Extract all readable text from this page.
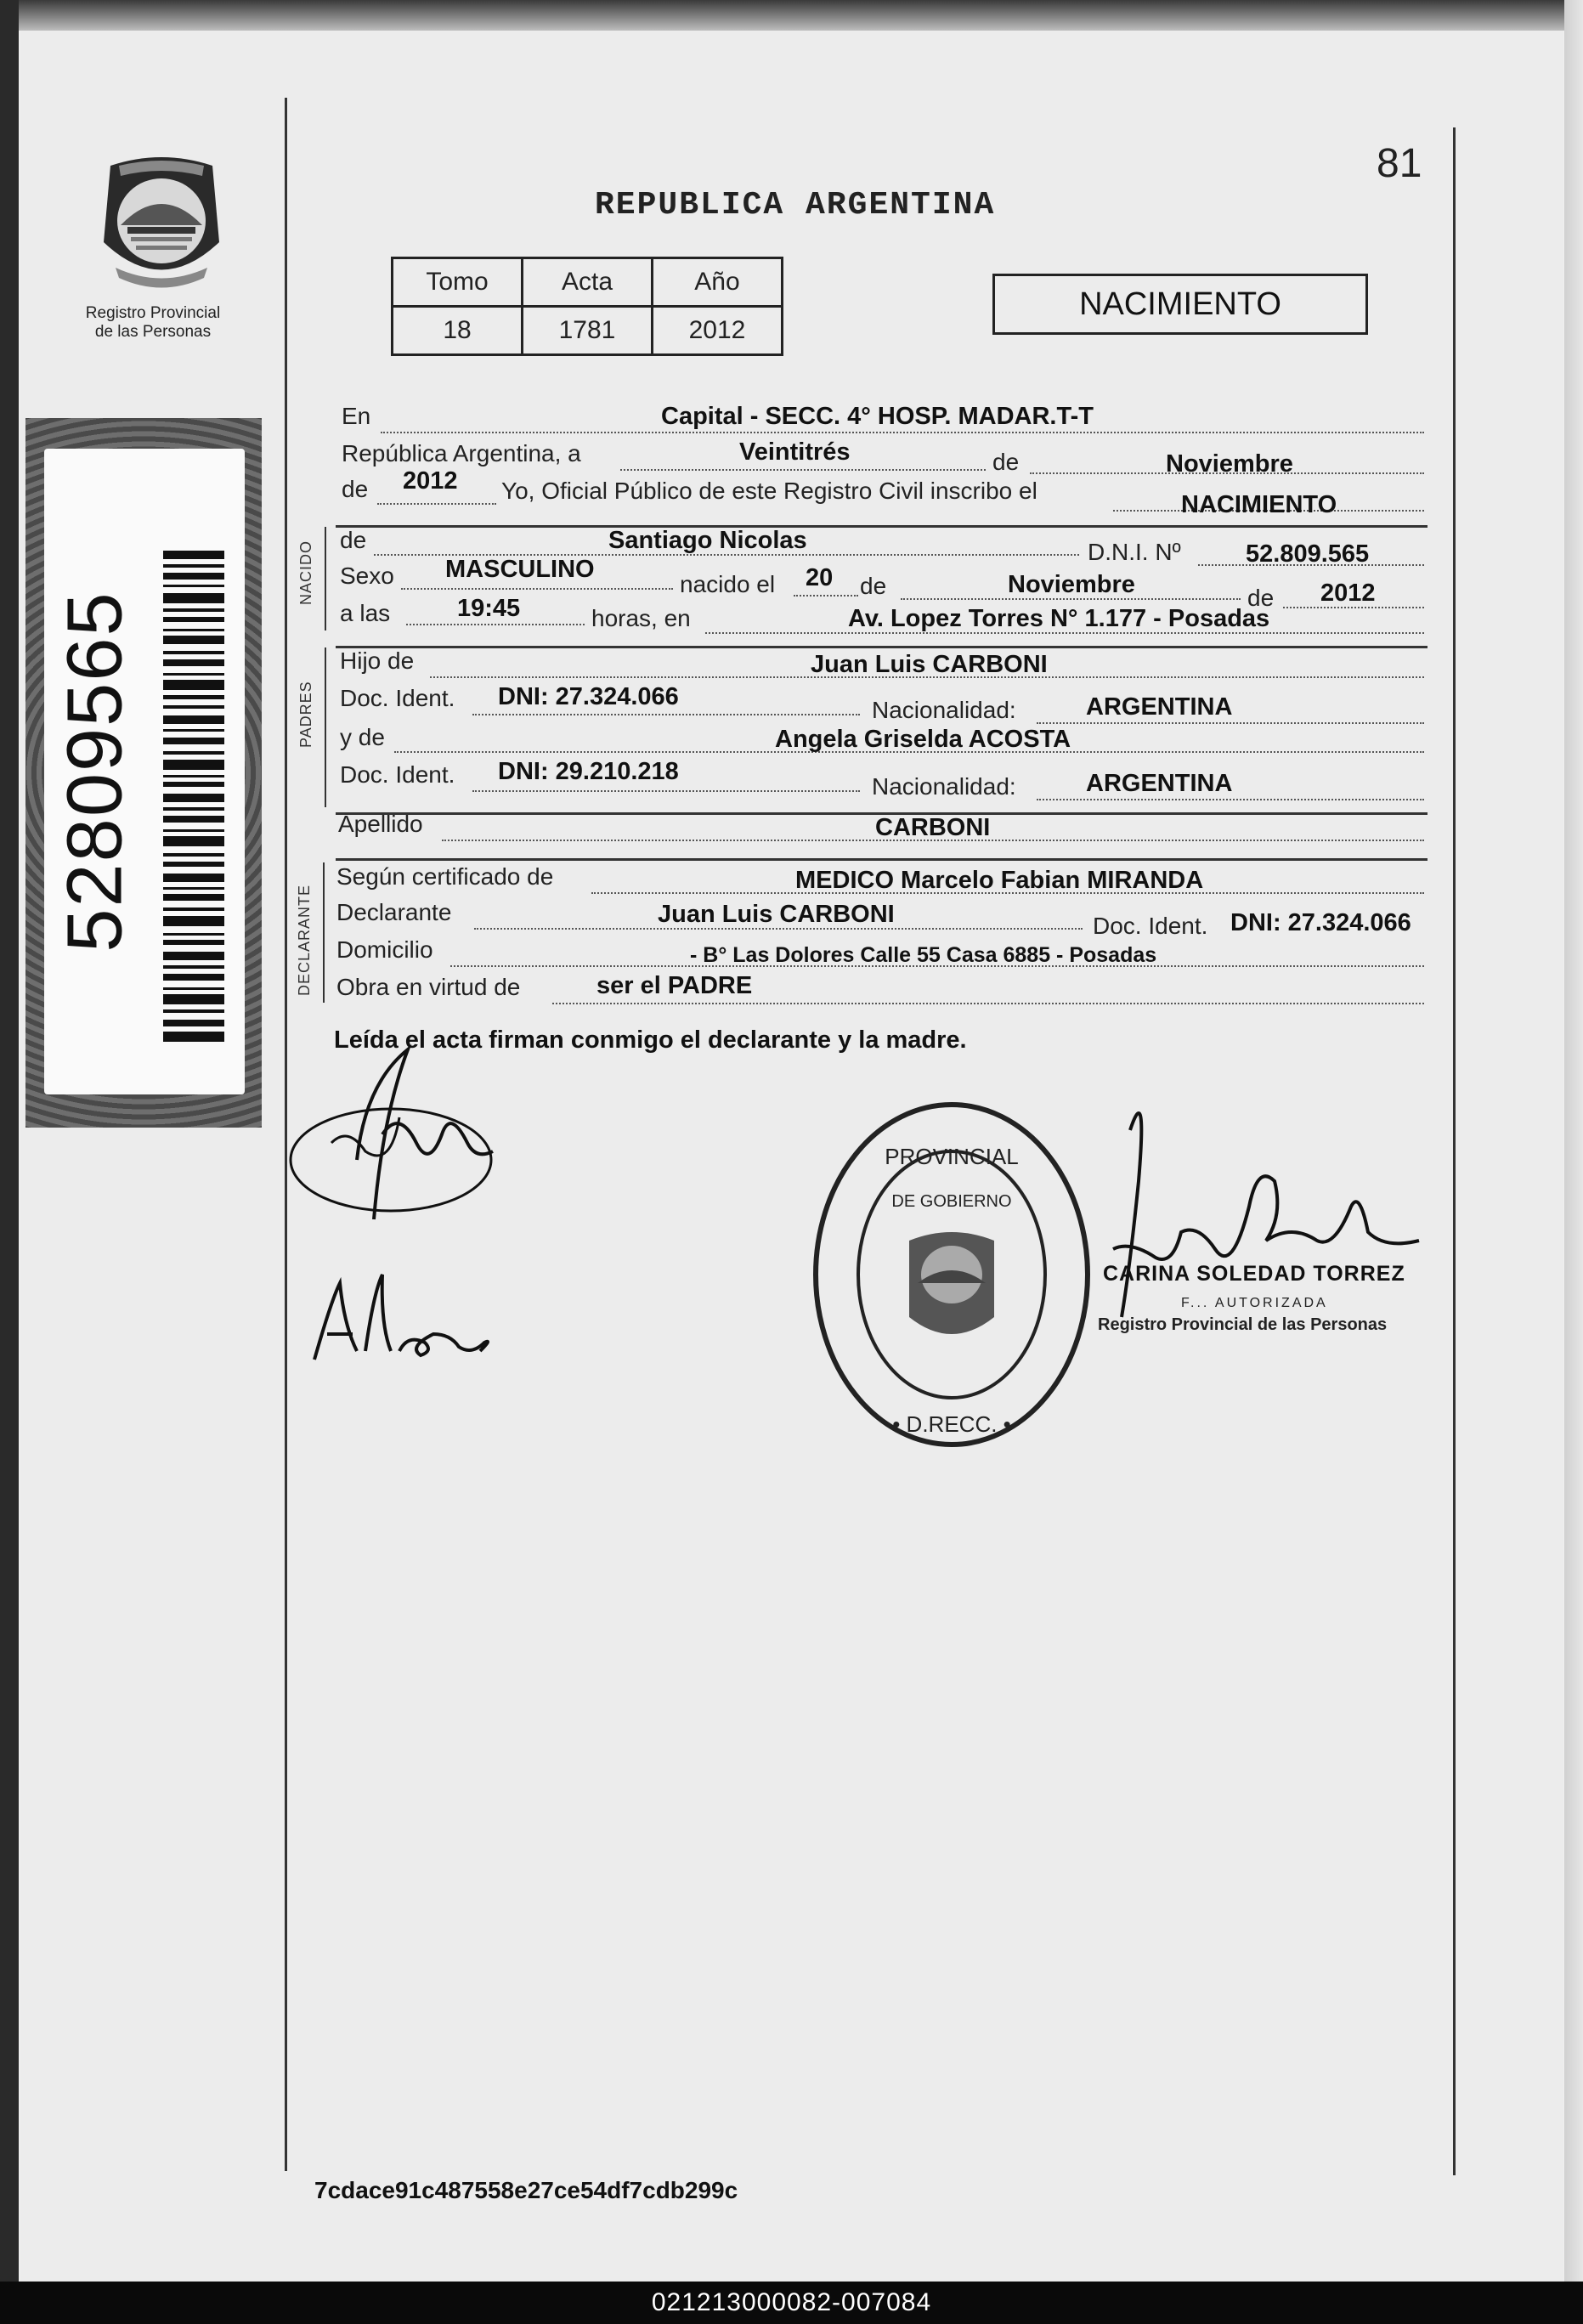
Registro Provincial
de las Personas
52809565
81
REPUBLICA ARGENTINA
Tomo	Acta	Año
18	1781	2012
NACIMIENTO
En	Capital - SECC. 4° HOSP. MADAR.T-T
República Argentina, a	Veintitrés	de	Noviembre
de 2012 Yo, Oficial Público de este Registro Civil inscribo el
NACIMIENTO
NACIDO
de	Santiago Nicolas	D.N.I. Nº	52.809.565
Sexo MASCULINO
nacido el 20 de	Noviembre	de 2012
a las	19:45	horas, en	Av. Lopez Torres N° 1.177 - Posadas
PADRES
Hijo de	Juan Luis CARBONI
Doc. Ident. DNI: 27.324.066	Nacionalidad:	ARGENTINA
y de	Angela Griselda ACOSTA
Doc. Ident. DNI: 29.210.218
Nacionalidad:	ARGENTINA
Apellido	CARBONI
DECLARANTE
Según certificado de	MEDICO Marcelo Fabian MIRANDA
Declarante	Juan Luis CARBONI	Doc. Ident. DNI: 27.324.066
Domicilio	- B° Las Dolores Calle 55 Casa 6885 - Posadas
Obra en virtud de	ser el PADRE
Leída el acta firman conmigo el declarante y la madre.
PROVINCIAL
DE GOBIERNO
• D.RECC. •
CARINA SOLEDAD TORREZ
F... AUTORIZADA
Registro Provincial de las Personas
7cdace91c487558e27ce54df7cdb299c
021213000082-007084
